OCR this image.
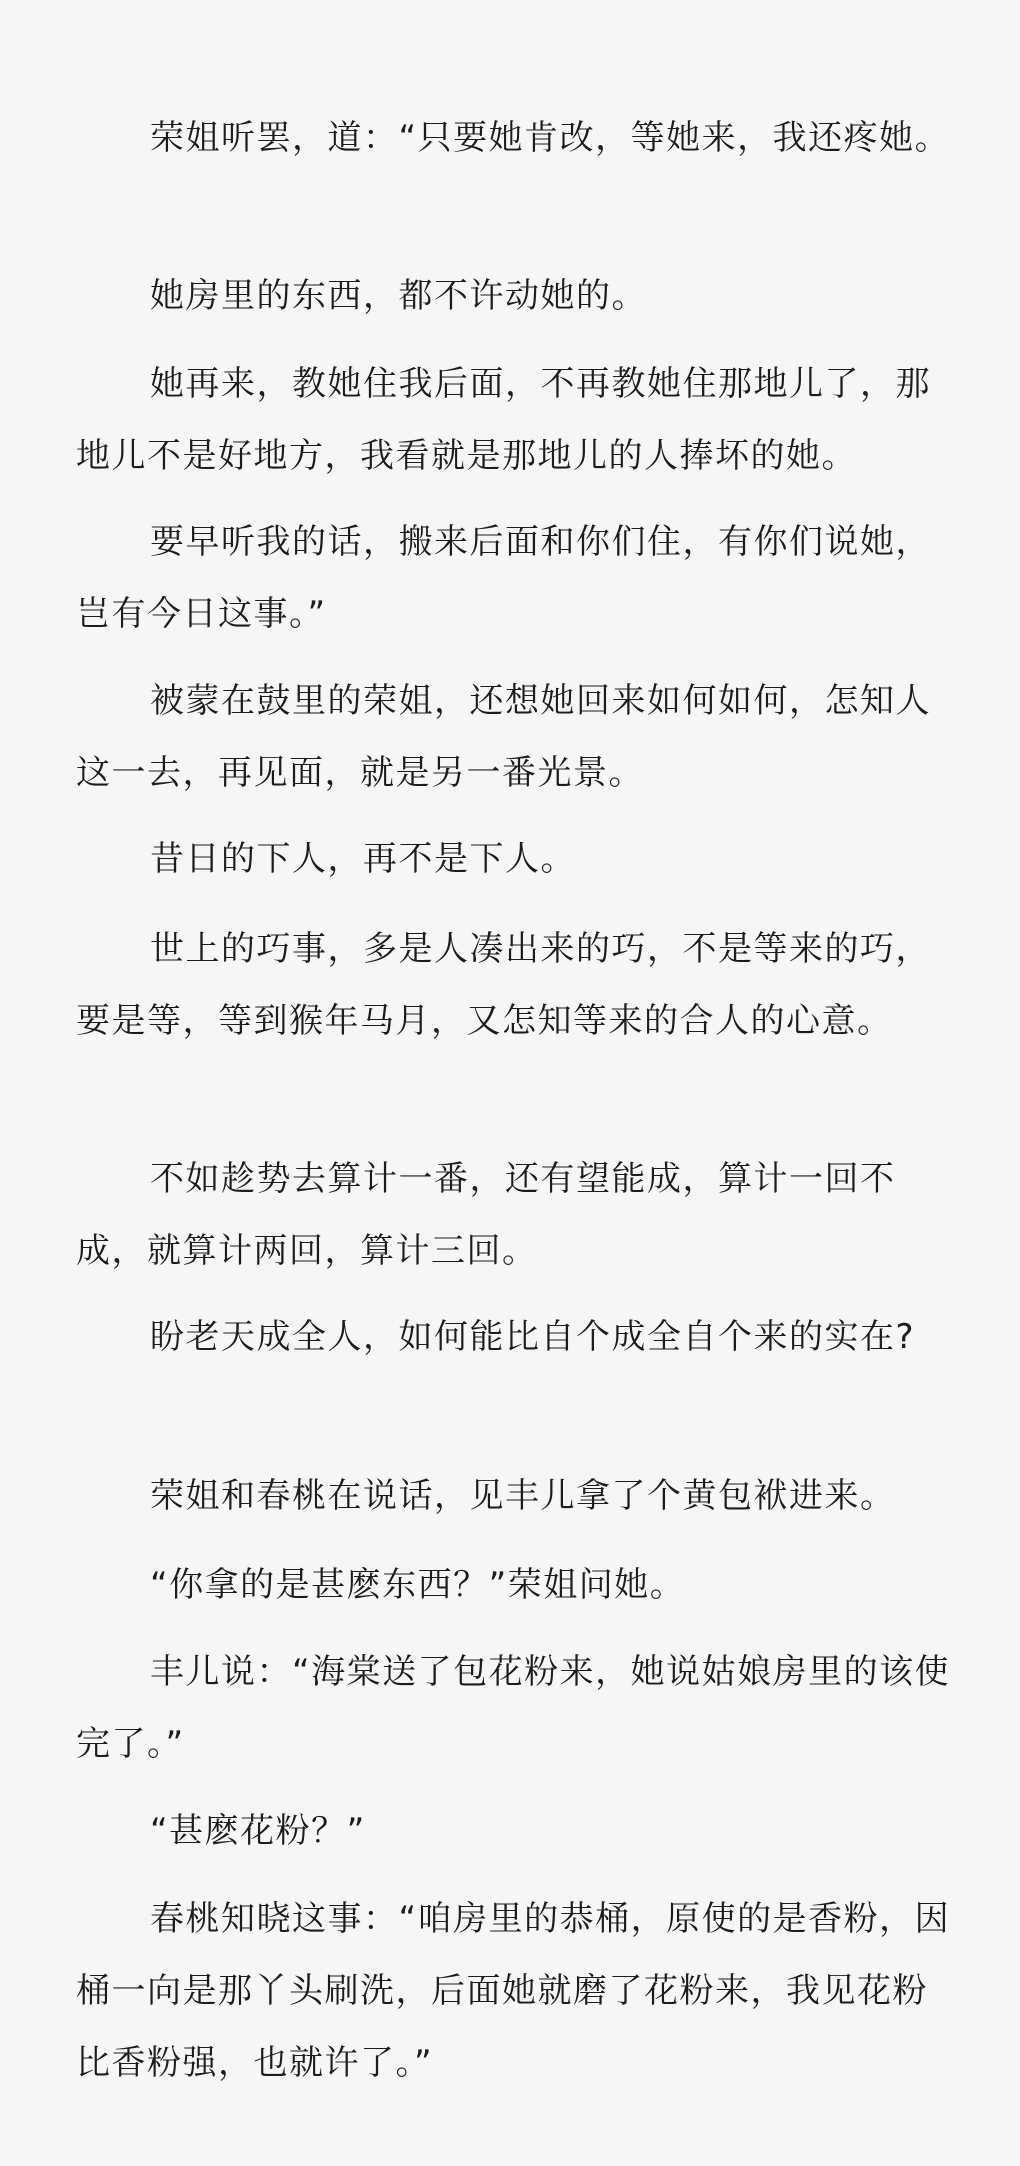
荣姐听罢，道：“只要她肯改，等她来，我还疼她。

她房里的东西，都不许动她的。

她再来，教她住我后面，不再教她住那地儿了，那地儿不是好地方，我看就是那地儿的人捧坏的她。

要早听我的话，搬来后面和你们住，有你们说她，岂有今日这事。”

被蒙在鼓里的荣姐，还想她回来如何如何，怎知人这一去，再见面，就是另一番光景。

昔日的下人，再不是下人。

世上的巧事，多是人凑出来的巧，不是等来的巧，要是等，等到猴年马月，又怎知等来的合人的心意。

不如趁势去算计一番，还有望能成，算计一回不成，就算计两回，算计三回。

盼老天成全人，如何能比自个成全自个来的实在?

荣姐和春桃在说话，见丰儿拿了个黄包袱进来。

“你拿的是甚麽东西？”荣姐问她。

丰儿说：“海棠送了包花粉来，她说姑娘房里的该使完了。”

“甚麽花粉？”

春桃知晓这事：“咱房里的恭桶，原使的是香粉，因桶一向是那丫头刷洗，后面她就磨了花粉来，我见花粉比香粉强，也就许了。”
